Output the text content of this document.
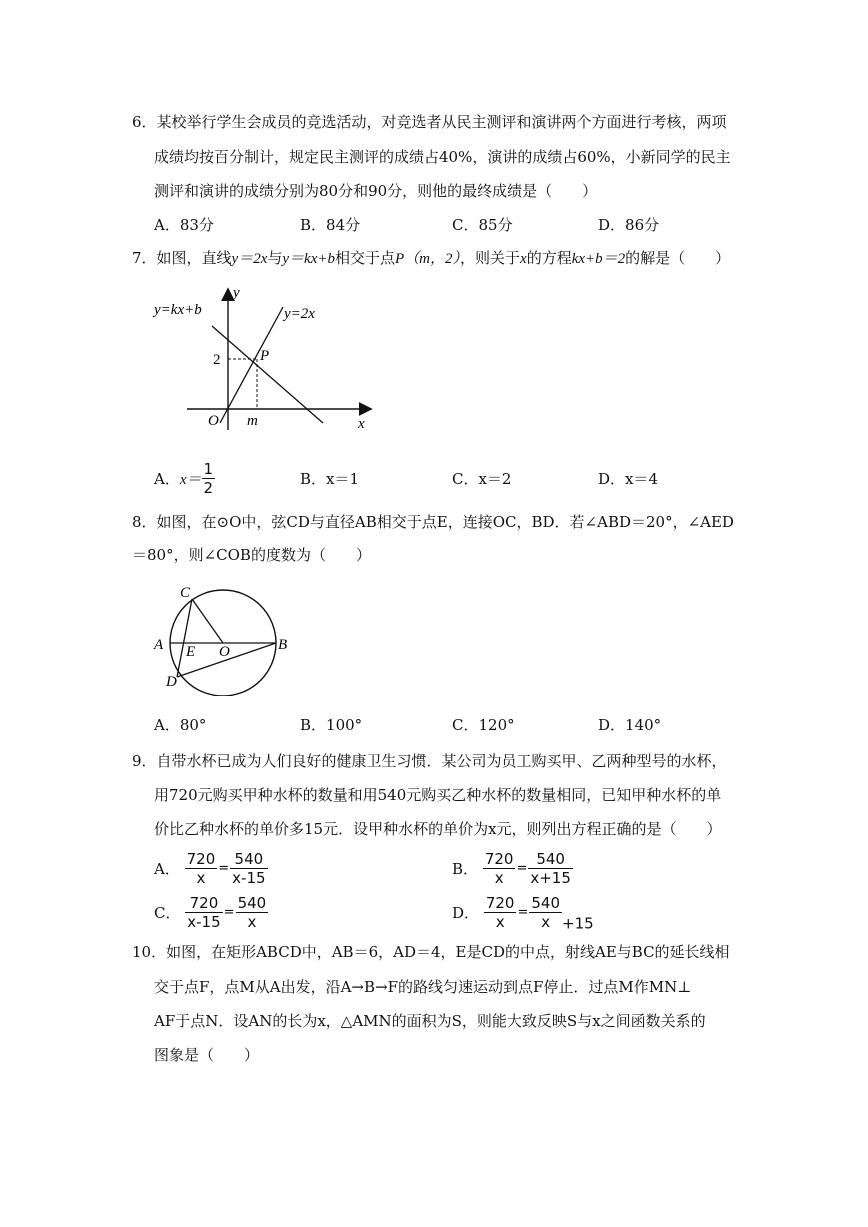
6．某校举行学生会成员的竞选活动，对竞选者从民主测评和演讲两个方面进行考核，两项
成绩均按百分制计，规定民主测评的成绩占40%，演讲的成绩占60%，小新同学的民主
测评和演讲的成绩分别为80分和90分，则他的最终成绩是（　　）
A．83分	B．84分	C．85分	D．86分
7．如图，直线y＝2x与y＝kx+b相交于点P（m，2），则关于x的方程kx+b＝2的解是（　　）
y=kx+b	y=2x
y
x
O
2
m
P
A．$x= \frac{1}{2}$	B．x＝1	C．x＝2	D．x＝4
8．如图，在⊙O中，弦CD与直径AB相交于点E，连接OC，BD．若∠ABD＝20°，∠AED
＝80°，则∠COB的度数为（　　）
C
A	B
E O
D
A．80°	B．100°	C．120°	D．140°
9．自带水杯已成为人们良好的健康卫生习惯．某公司为员工购买甲、乙两种型号的水杯，
用720元购买甲种水杯的数量和用540元购买乙种水杯的数量相同，已知甲种水杯的单
价比乙种水杯的单价多15元．设甲种水杯的单价为x元，则列出方程正确的是（　　）
A． $\frac{720}{x} = \frac{540}{x-15}$	B． $\frac{720}{x} = \frac{540}{x+15}$
C． $\frac{720}{x-15} = \frac{540}{x}$	D． $\frac{720}{x} = \frac{540}{x} +15$
10．如图，在矩形ABCD中，AB＝6，AD＝4，E是CD的中点，射线AE与BC的延长线相
交于点F，点M从A出发，沿A→B→F的路线匀速运动到点F停止．过点M作MN⊥
AF于点N．设AN的长为x，△AMN的面积为S，则能大致反映S与x之间函数关系的
图象是（　　）
